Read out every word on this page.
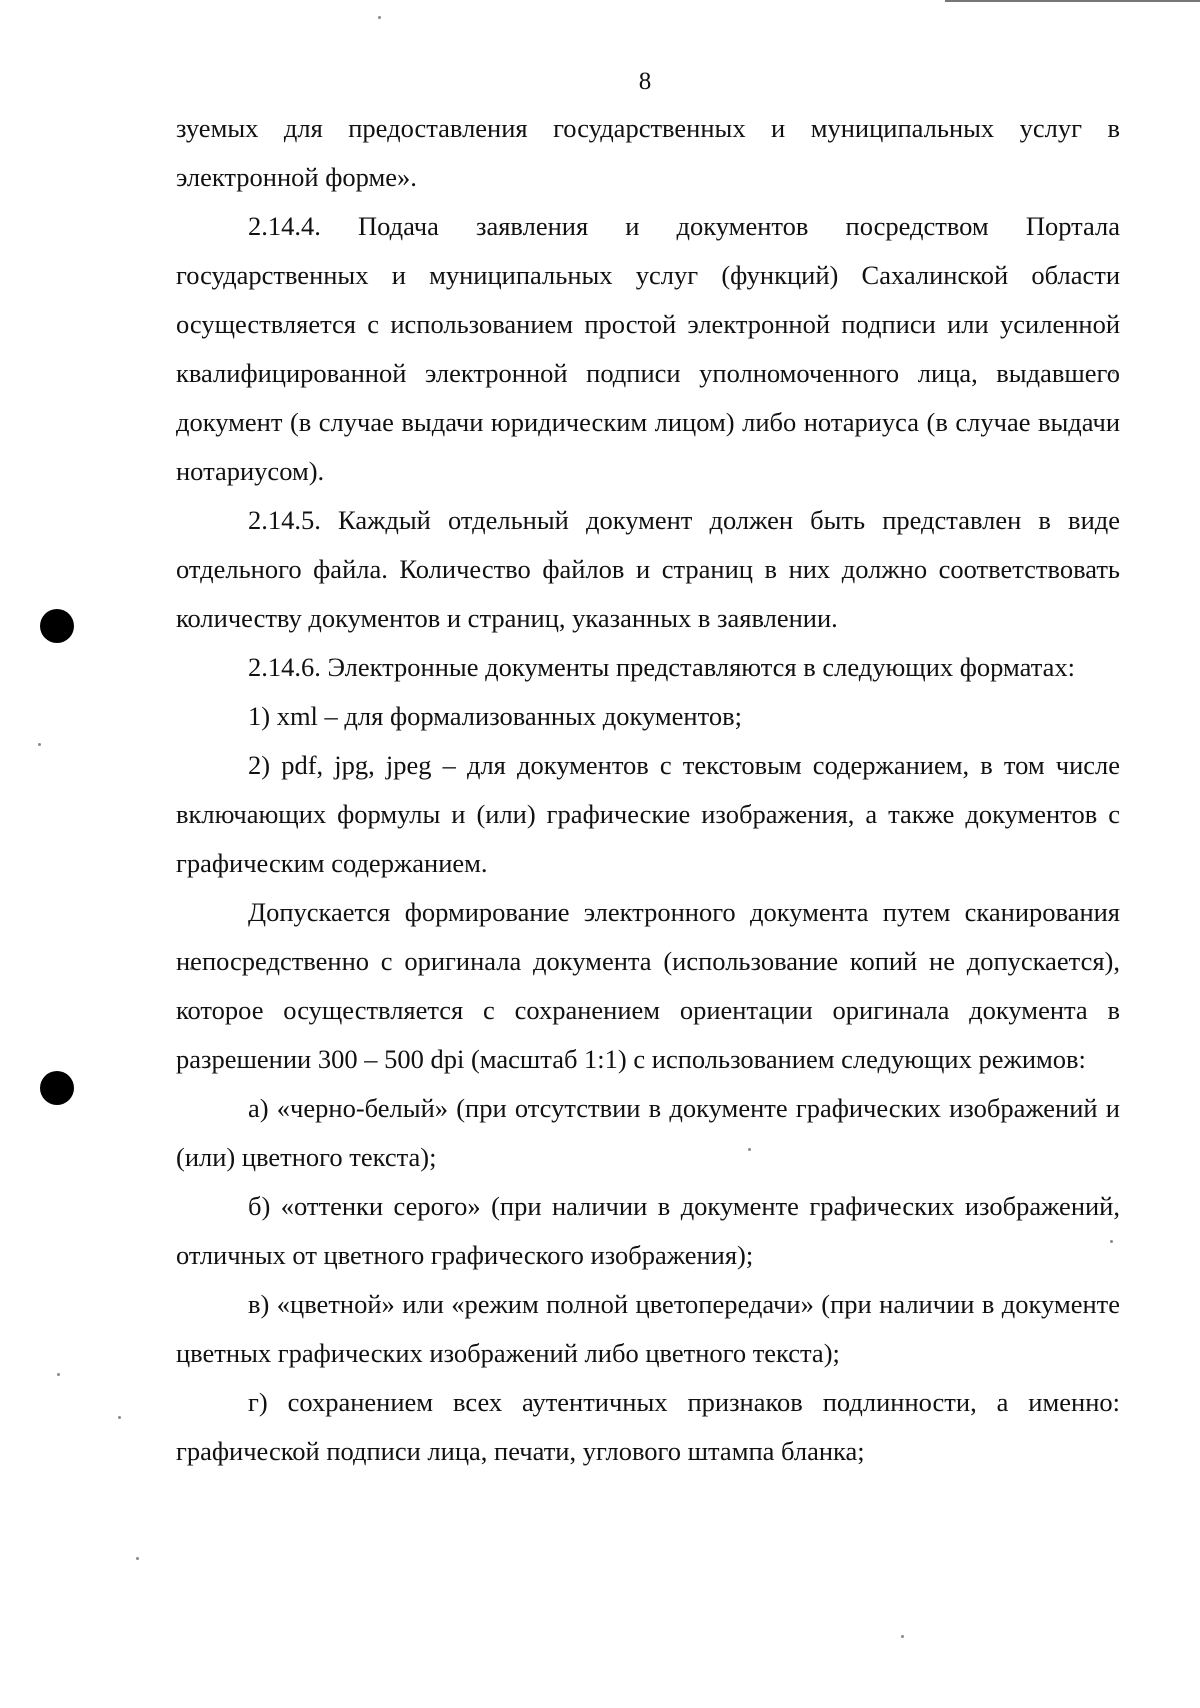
8

зуемых для предоставления государственных и муниципальных услуг в электронной форме».

2.14.4. Подача заявления и документов посредством Портала государственных и муниципальных услуг (функций) Сахалинской области осуществляется с использованием простой электронной подписи или усиленной квалифицированной электронной подписи уполномоченного лица, выдавшего документ (в случае выдачи юридическим лицом) либо нотариуса (в случае выдачи нотариусом).

2.14.5. Каждый отдельный документ должен быть представлен в виде отдельного файла. Количество файлов и страниц в них должно соответствовать количеству документов и страниц, указанных в заявлении.

2.14.6. Электронные документы представляются в следующих форматах:

1) xml – для формализованных документов;

2) pdf, jpg, jpeg – для документов с текстовым содержанием, в том числе включающих формулы и (или) графические изображения, а также документов с графическим содержанием.

Допускается формирование электронного документа путем сканирования непосредственно с оригинала документа (использование копий не допускается), которое осуществляется с сохранением ориентации оригинала документа в разрешении 300 – 500 dpi (масштаб 1:1) с использованием следующих режимов:

а) «черно-белый» (при отсутствии в документе графических изображений и (или) цветного текста);

б) «оттенки серого» (при наличии в документе графических изображений, отличных от цветного графического изображения);

в) «цветной» или «режим полной цветопередачи» (при наличии в документе цветных графических изображений либо цветного текста);

г) сохранением всех аутентичных признаков подлинности, а именно: графической подписи лица, печати, углового штампа бланка;
